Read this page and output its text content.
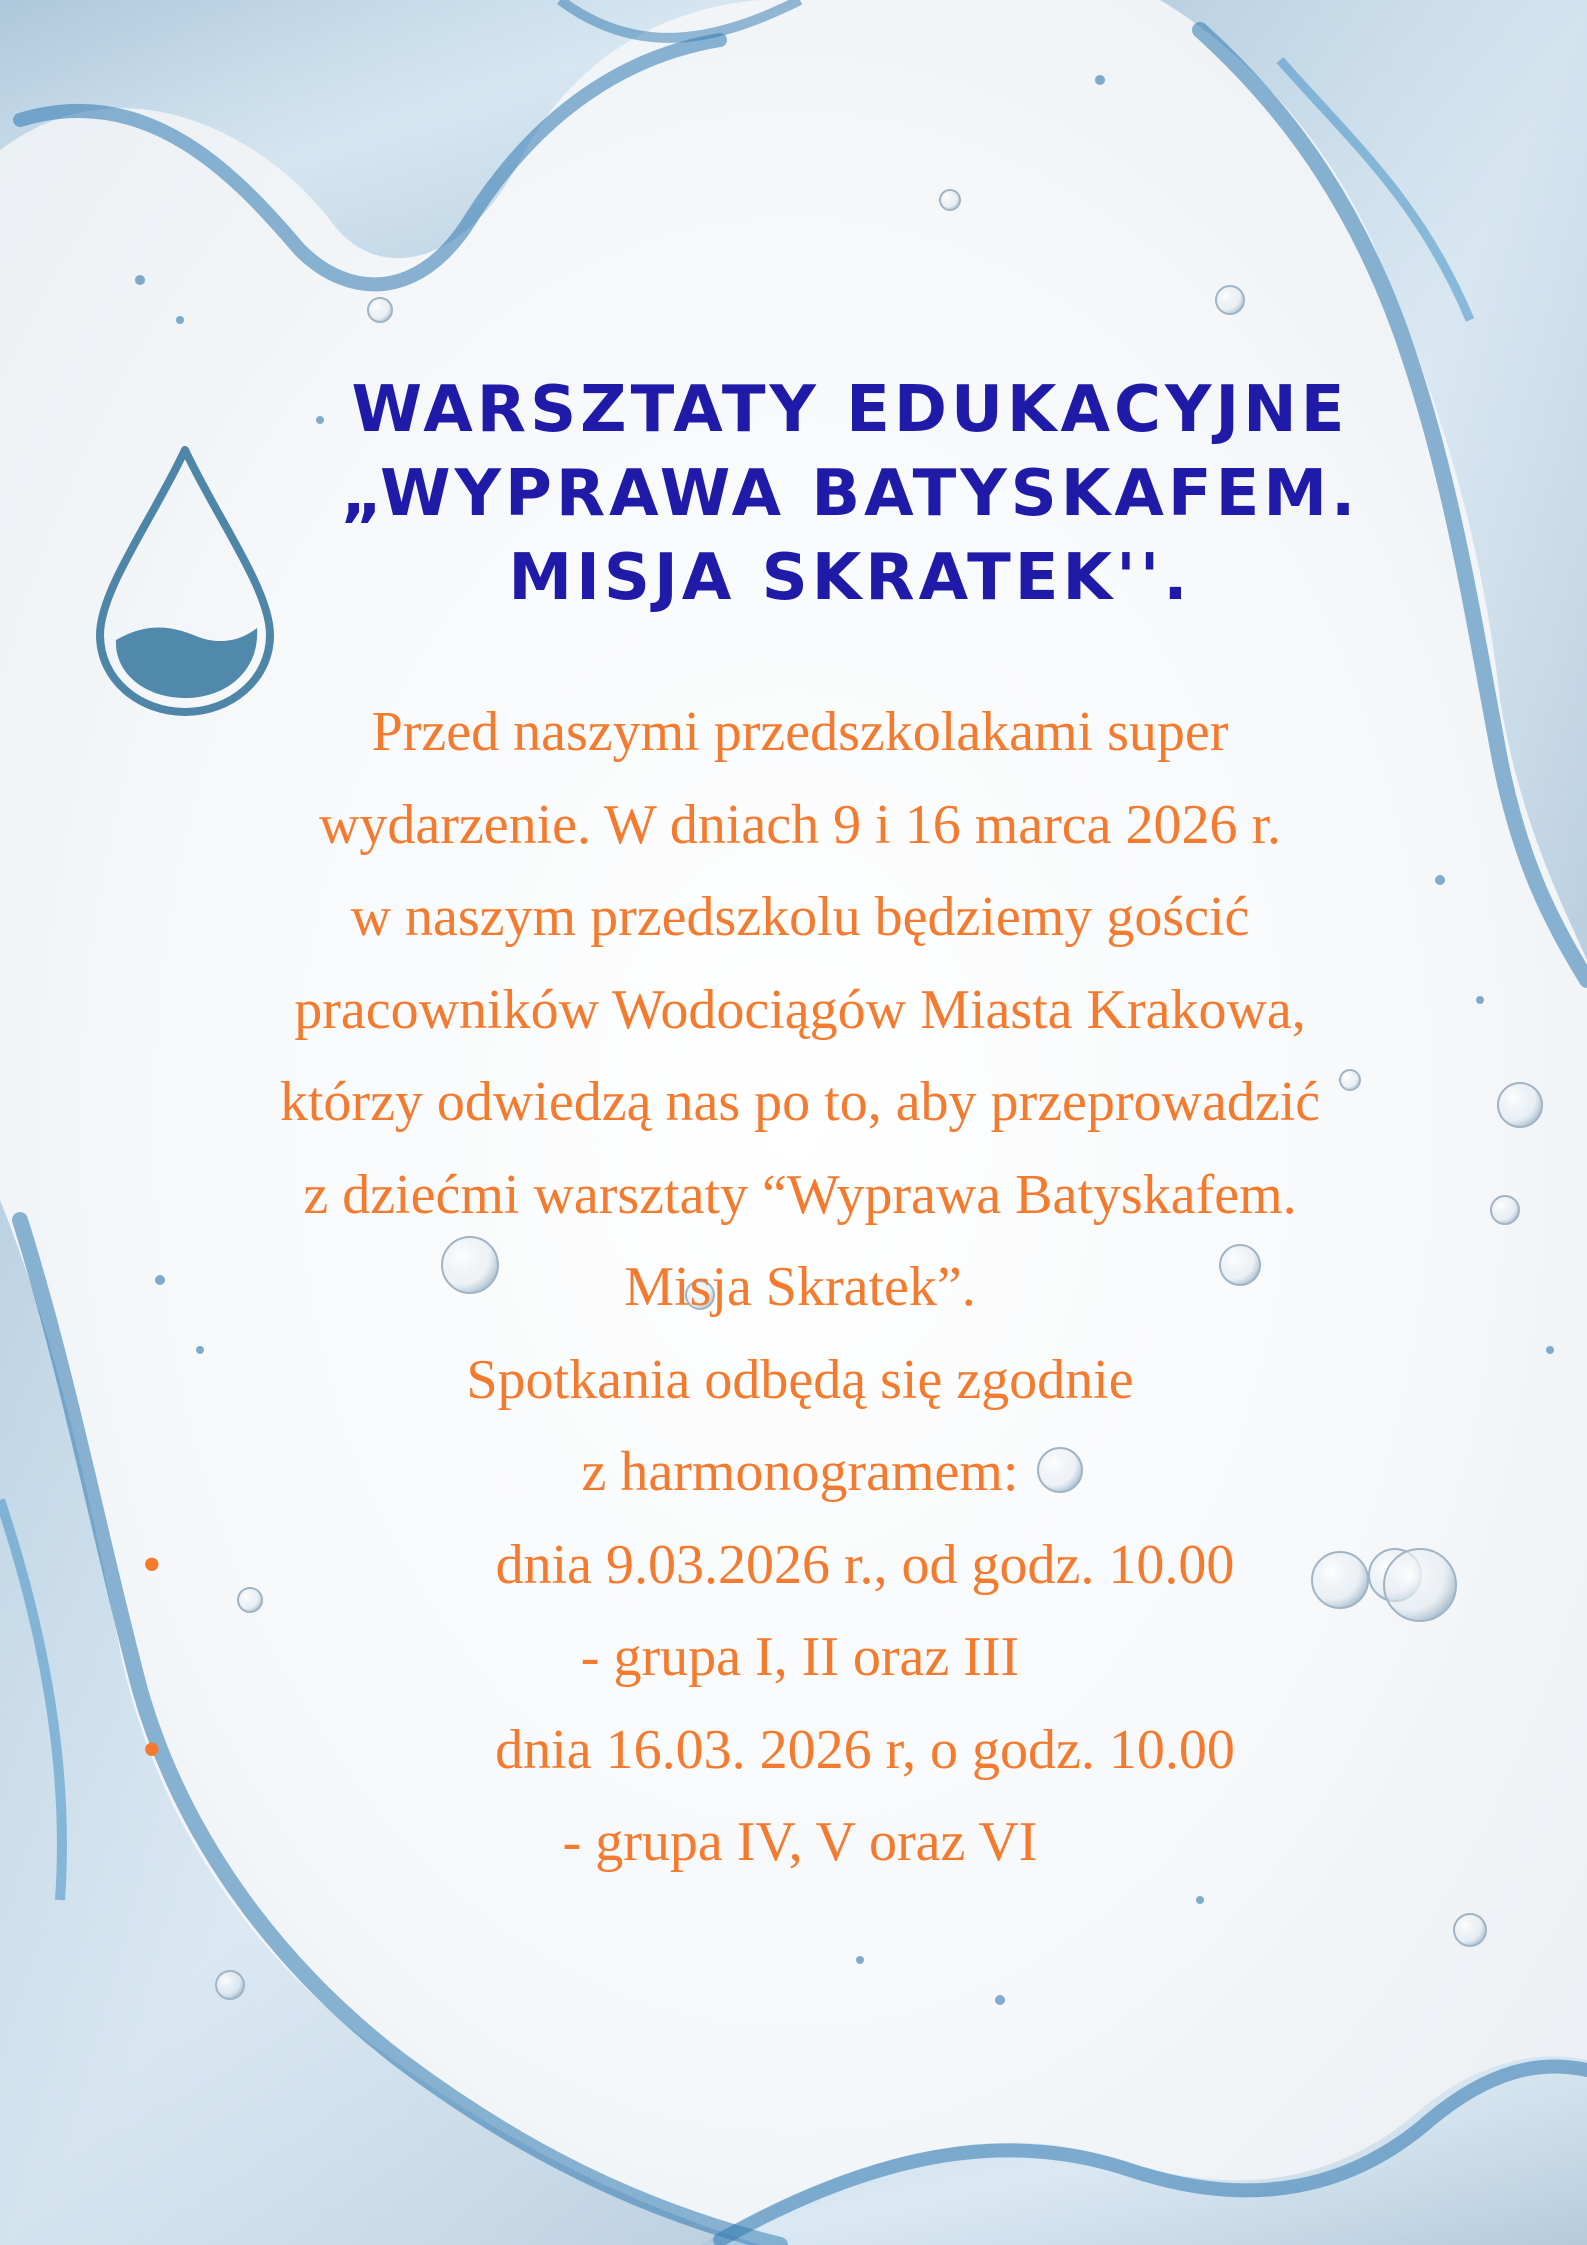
WARSZTATY EDUKACYJNE
„WYPRAWA BATYSKAFEM.
MISJA SKRATEK''.
Przed naszymi przedszkolakami super
wydarzenie. W dniach 9 i 16 marca 2026 r.
w naszym przedszkolu będziemy gościć
pracowników Wodociągów Miasta Krakowa,
którzy odwiedzą nas po to, aby przeprowadzić
z dziećmi warsztaty “Wyprawa Batyskafem.
Misja Skratek”.
Spotkania odbędą się zgodnie
z harmonogramem:
•	dnia 9.03.2026 r., od godz. 10.00
- grupa I, II oraz III
•	dnia 16.03. 2026 r, o godz. 10.00
- grupa IV, V oraz VI
